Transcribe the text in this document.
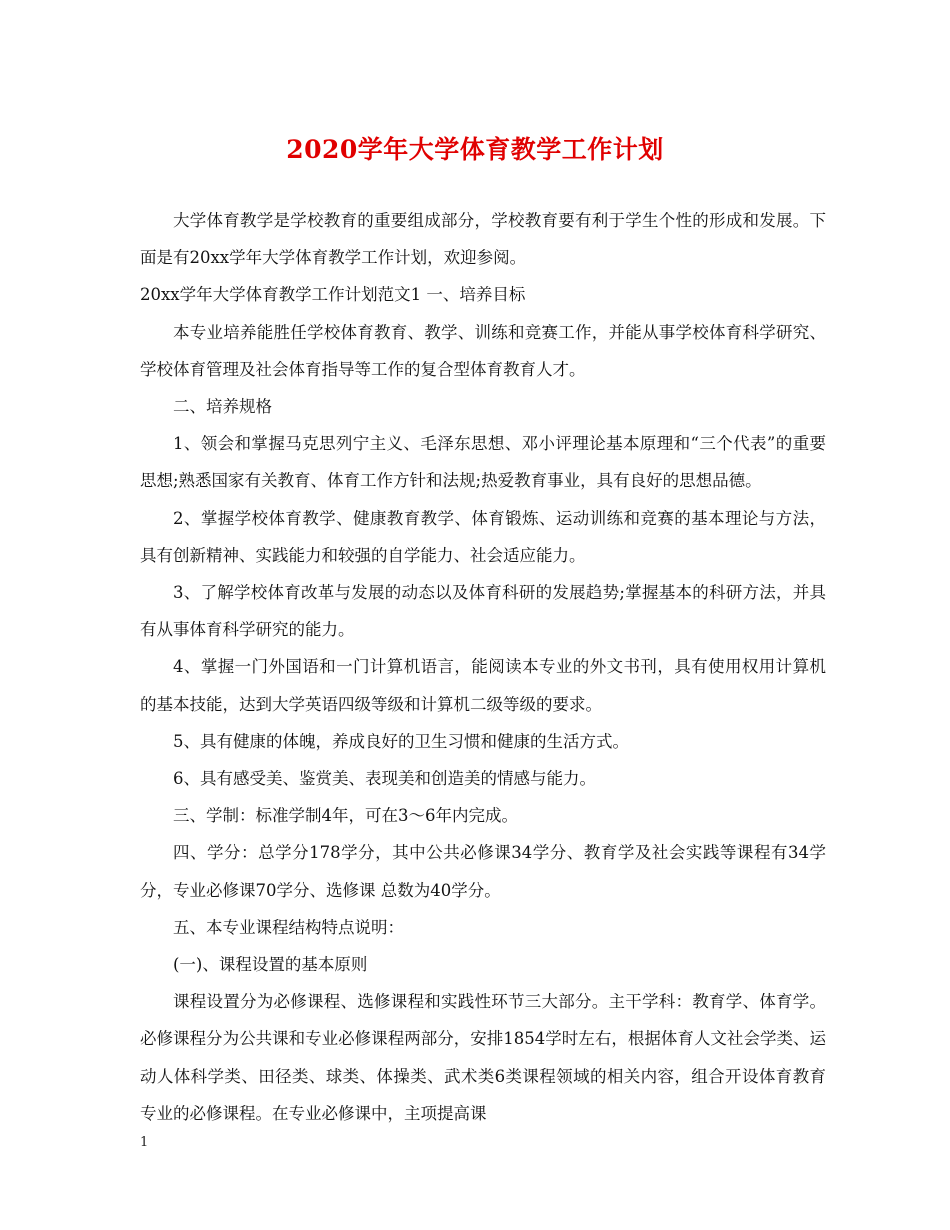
2020学年大学体育教学工作计划

大学体育教学是学校教育的重要组成部分，学校教育要有利于学生个性的形成和发展。下面是有20xx学年大学体育教学工作计划，欢迎参阅。

20xx学年大学体育教学工作计划范文1 一、培养目标

本专业培养能胜任学校体育教育、教学、训练和竞赛工作，并能从事学校体育科学研究、学校体育管理及社会体育指导等工作的复合型体育教育人才。

二、培养规格

1、领会和掌握马克思列宁主义、毛泽东思想、邓小评理论基本原理和“三个代表”的重要思想;熟悉国家有关教育、体育工作方针和法规;热爱教育事业，具有良好的思想品德。

2、掌握学校体育教学、健康教育教学、体育锻炼、运动训练和竞赛的基本理论与方法，具有创新精神、实践能力和较强的自学能力、社会适应能力。

3、了解学校体育改革与发展的动态以及体育科研的发展趋势;掌握基本的科研方法，并具有从事体育科学研究的能力。

4、掌握一门外国语和一门计算机语言，能阅读本专业的外文书刊，具有使用权用计算机的基本技能，达到大学英语四级等级和计算机二级等级的要求。

5、具有健康的体魄，养成良好的卫生习惯和健康的生活方式。

6、具有感受美、鉴赏美、表现美和创造美的情感与能力。

三、学制：标准学制4年，可在3～6年内完成。

四、学分：总学分178学分，其中公共必修课34学分、教育学及社会实践等课程有34学分，专业必修课70学分、选修课 总数为40学分。

五、本专业课程结构特点说明：

(一)、课程设置的基本原则

课程设置分为必修课程、选修课程和实践性环节三大部分。主干学科：教育学、体育学。必修课程分为公共课和专业必修课程两部分，安排1854学时左右，根据体育人文社会学类、运动人体科学类、田径类、球类、体操类、武术类6类课程领域的相关内容，组合开设体育教育专业的必修课程。在专业必修课中，主项提高课

1
